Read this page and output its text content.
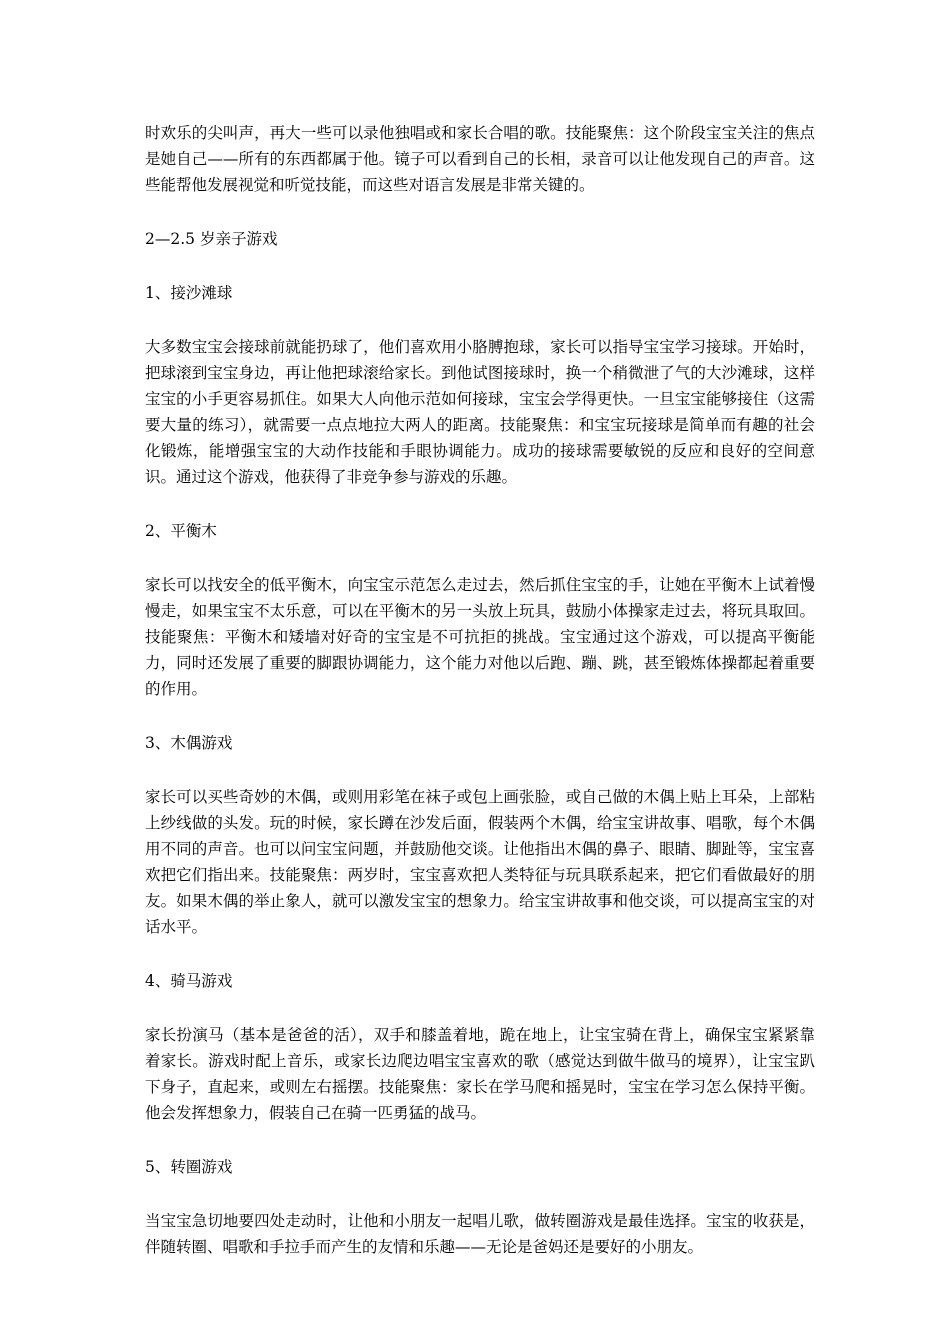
时欢乐的尖叫声，再大一些可以录他独唱或和家长合唱的歌。技能聚焦：这个阶段宝宝关注的焦点是她自己——所有的东西都属于他。镜子可以看到自己的长相，录音可以让他发现自己的声音。这些能帮他发展视觉和听觉技能，而这些对语言发展是非常关键的。

2—2.5 岁亲子游戏

1、接沙滩球

大多数宝宝会接球前就能扔球了，他们喜欢用小胳膊抱球，家长可以指导宝宝学习接球。开始时，把球滚到宝宝身边，再让他把球滚给家长。到他试图接球时，换一个稍微泄了气的大沙滩球，这样宝宝的小手更容易抓住。如果大人向他示范如何接球，宝宝会学得更快。一旦宝宝能够接住（这需要大量的练习），就需要一点点地拉大两人的距离。技能聚焦：和宝宝玩接球是简单而有趣的社会化锻炼，能增强宝宝的大动作技能和手眼协调能力。成功的接球需要敏锐的反应和良好的空间意识。通过这个游戏，他获得了非竞争参与游戏的乐趣。

2、平衡木

家长可以找安全的低平衡木，向宝宝示范怎么走过去，然后抓住宝宝的手，让她在平衡木上试着慢慢走，如果宝宝不太乐意，可以在平衡木的另一头放上玩具，鼓励小体操家走过去，将玩具取回。技能聚焦：平衡木和矮墙对好奇的宝宝是不可抗拒的挑战。宝宝通过这个游戏，可以提高平衡能力，同时还发展了重要的脚跟协调能力，这个能力对他以后跑、蹦、跳，甚至锻炼体操都起着重要的作用。

3、木偶游戏

家长可以买些奇妙的木偶，或则用彩笔在袜子或包上画张脸，或自己做的木偶上贴上耳朵，上部粘上纱线做的头发。玩的时候，家长蹲在沙发后面，假装两个木偶，给宝宝讲故事、唱歌，每个木偶用不同的声音。也可以问宝宝问题，并鼓励他交谈。让他指出木偶的鼻子、眼睛、脚趾等，宝宝喜欢把它们指出来。技能聚焦：两岁时，宝宝喜欢把人类特征与玩具联系起来，把它们看做最好的朋友。如果木偶的举止象人，就可以激发宝宝的想象力。给宝宝讲故事和他交谈，可以提高宝宝的对话水平。

4、骑马游戏

家长扮演马（基本是爸爸的活），双手和膝盖着地，跪在地上，让宝宝骑在背上，确保宝宝紧紧靠着家长。游戏时配上音乐，或家长边爬边唱宝宝喜欢的歌（感觉达到做牛做马的境界），让宝宝趴下身子，直起来，或则左右摇摆。技能聚焦：家长在学马爬和摇晃时，宝宝在学习怎么保持平衡。他会发挥想象力，假装自己在骑一匹勇猛的战马。

5、转圈游戏

当宝宝急切地要四处走动时，让他和小朋友一起唱儿歌，做转圈游戏是最佳选择。宝宝的收获是，伴随转圈、唱歌和手拉手而产生的友情和乐趣——无论是爸妈还是要好的小朋友。
